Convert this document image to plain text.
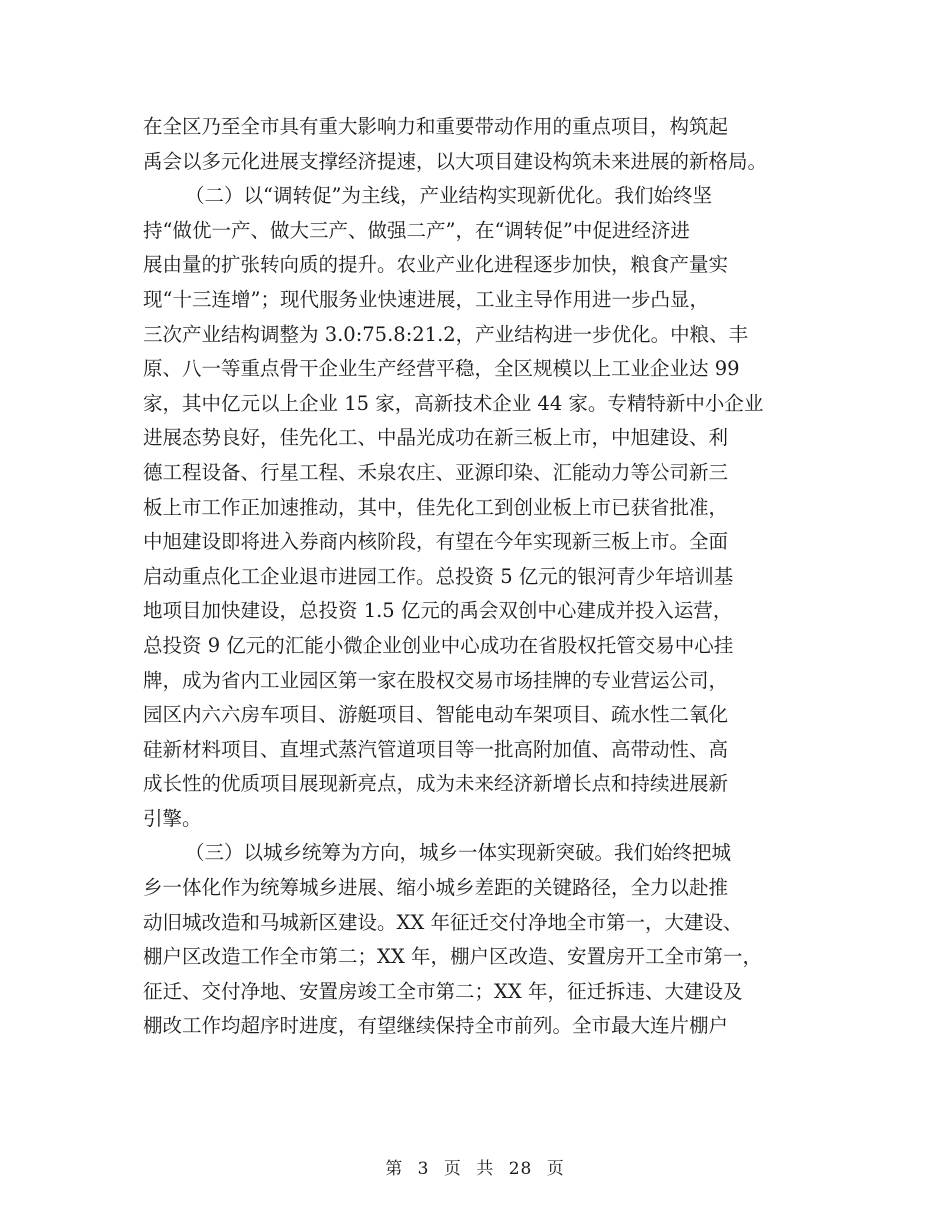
在全区乃至全市具有重大影响力和重要带动作用的重点项目，构筑起
禹会以多元化进展支撑经济提速，以大项目建设构筑未来进展的新格局。
（二）以“调转促”为主线，产业结构实现新优化。我们始终坚
持“做优一产、做大三产、做强二产”，在“调转促”中促进经济进
展由量的扩张转向质的提升。农业产业化进程逐步加快，粮食产量实
现“十三连增”；现代服务业快速进展，工业主导作用进一步凸显，
三次产业结构调整为 3.0:75.8:21.2，产业结构进一步优化。中粮、丰
原、八一等重点骨干企业生产经营平稳，全区规模以上工业企业达 99
家，其中亿元以上企业 15 家，高新技术企业 44 家。专精特新中小企业
进展态势良好，佳先化工、中晶光成功在新三板上市，中旭建设、利
德工程设备、行星工程、禾泉农庄、亚源印染、汇能动力等公司新三
板上市工作正加速推动，其中，佳先化工到创业板上市已获省批准，
中旭建设即将进入券商内核阶段，有望在今年实现新三板上市。全面
启动重点化工企业退市进园工作。总投资 5 亿元的银河青少年培训基
地项目加快建设，总投资 1.5 亿元的禹会双创中心建成并投入运营，
总投资 9 亿元的汇能小微企业创业中心成功在省股权托管交易中心挂
牌，成为省内工业园区第一家在股权交易市场挂牌的专业营运公司，
园区内六六房车项目、游艇项目、智能电动车架项目、疏水性二氧化
硅新材料项目、直埋式蒸汽管道项目等一批高附加值、高带动性、高
成长性的优质项目展现新亮点，成为未来经济新增长点和持续进展新
引擎。
（三）以城乡统筹为方向，城乡一体实现新突破。我们始终把城
乡一体化作为统筹城乡进展、缩小城乡差距的关键路径，全力以赴推
动旧城改造和马城新区建设。XX 年征迁交付净地全市第一，大建设、
棚户区改造工作全市第二；XX 年，棚户区改造、安置房开工全市第一，
征迁、交付净地、安置房竣工全市第二；XX 年，征迁拆违、大建设及
棚改工作均超序时进度，有望继续保持全市前列。全市最大连片棚户
第 3 页 共 28 页
